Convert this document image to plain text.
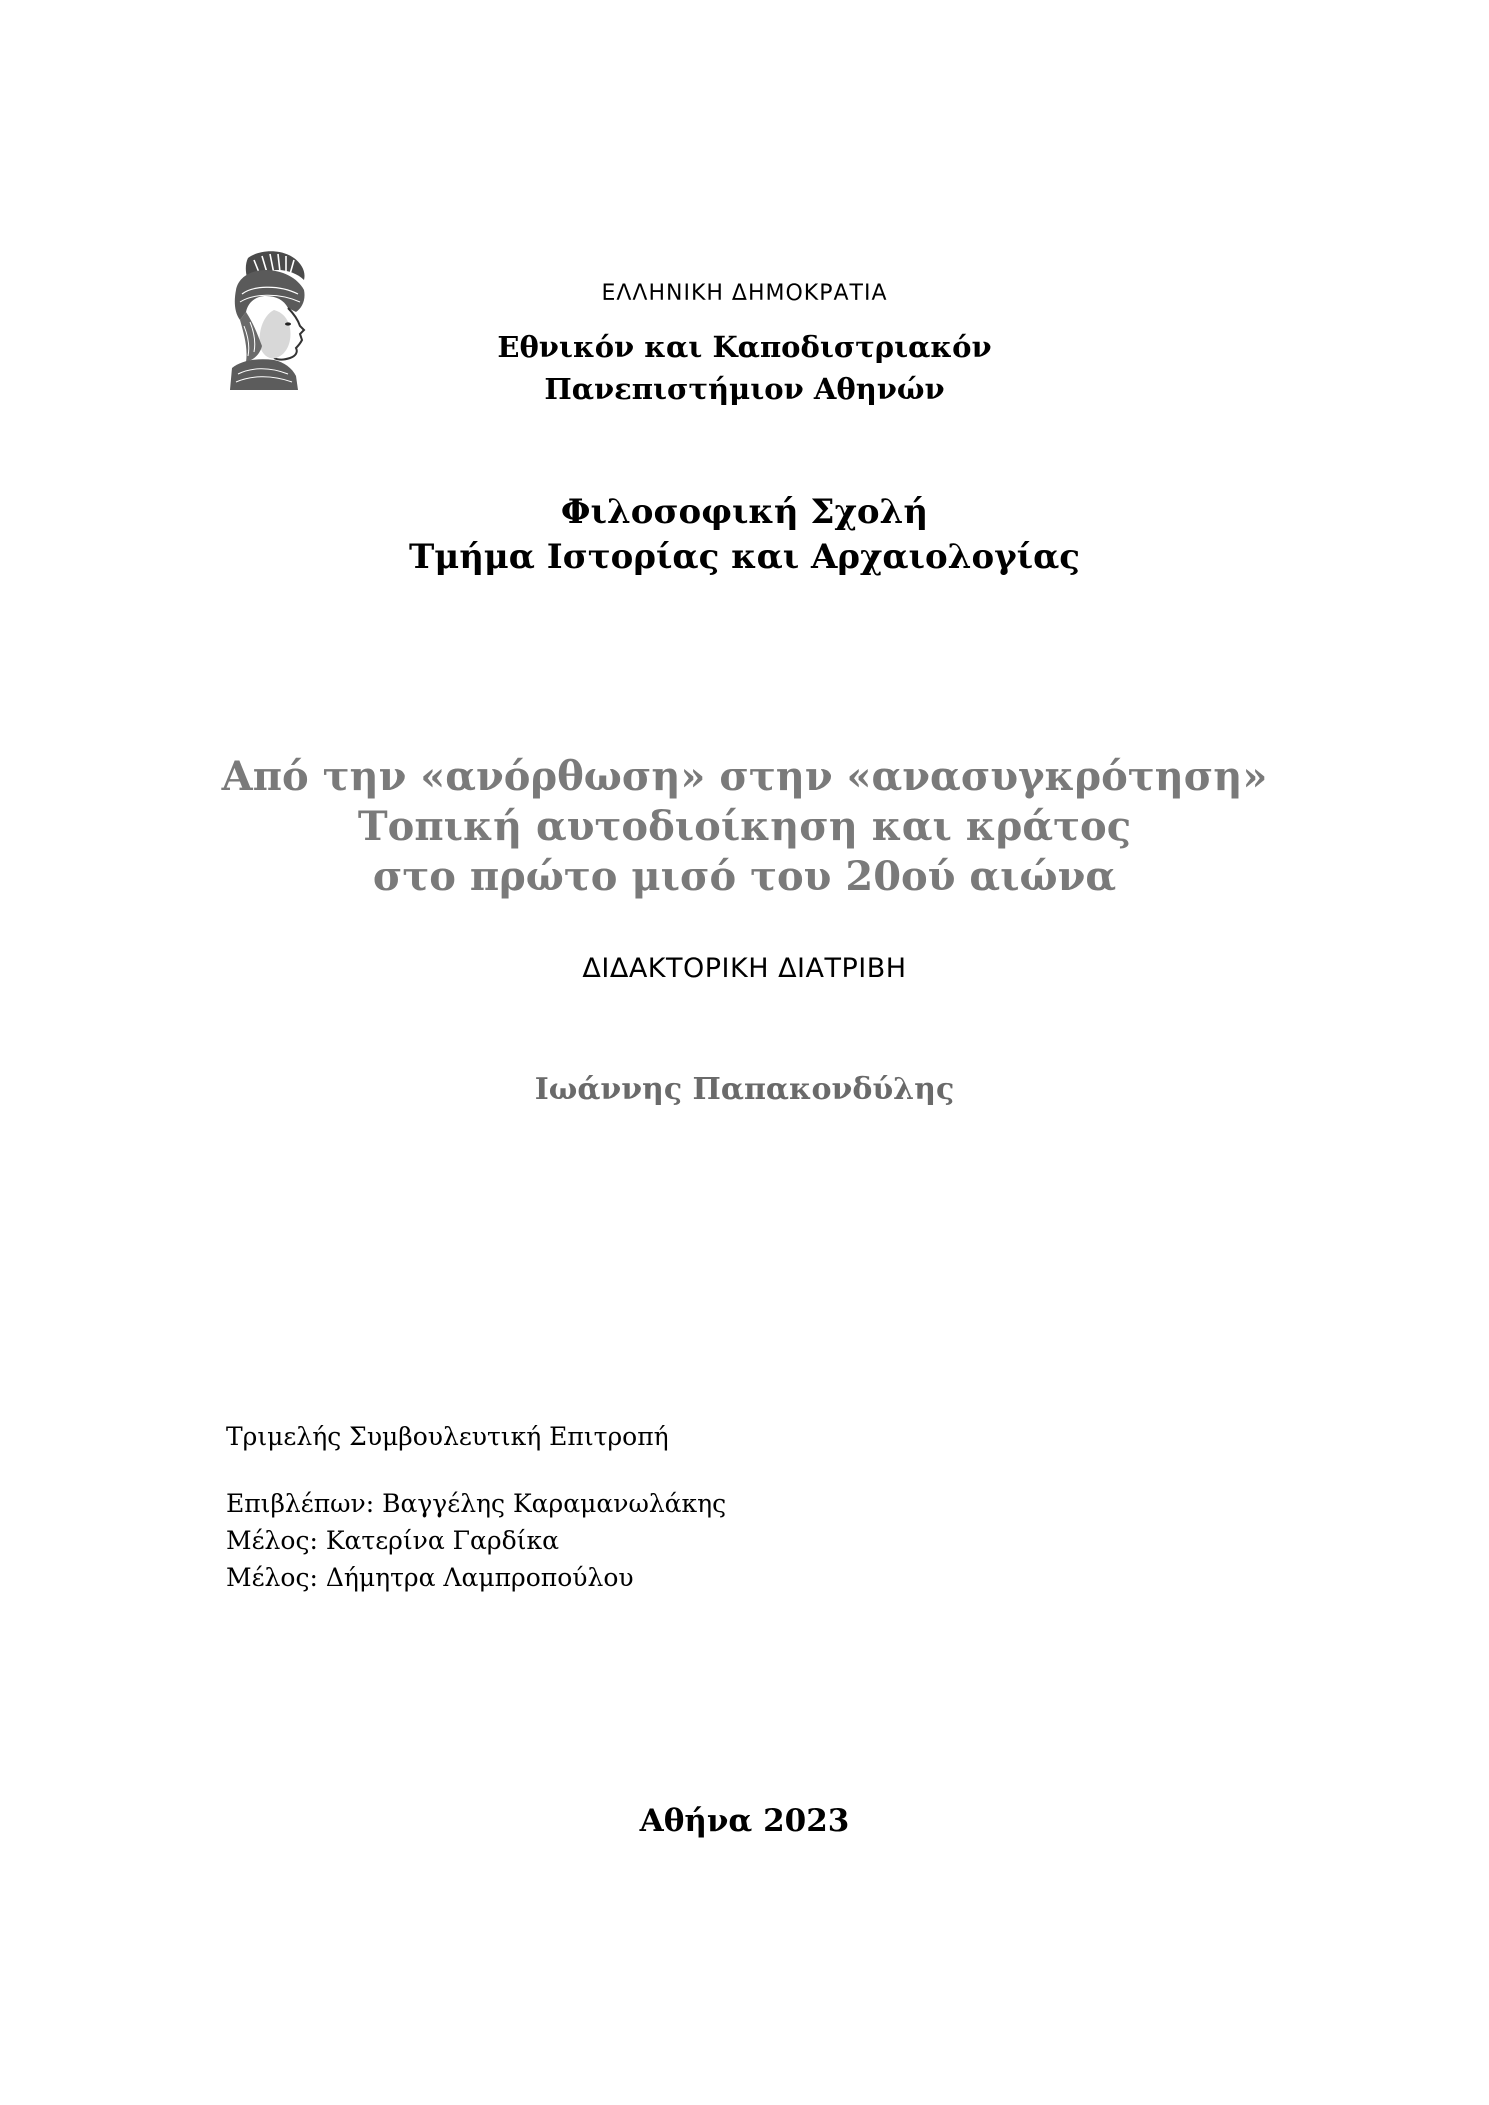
ΕΛΛΗΝΙΚΗ ΔΗΜΟΚΡΑΤΙΑ
Εθνικόν και Καποδιστριακόν
Πανεπιστήμιον Αθηνών
Φιλοσοφική Σχολή
Τμήμα Ιστορίας και Αρχαιολογίας
Από την «ανόρθωση» στην «ανασυγκρότηση»
Τοπική αυτοδιοίκηση και κράτος
στο πρώτο μισό του 20ού αιώνα
ΔΙΔΑΚΤΟΡΙΚΗ ΔΙΑΤΡΙΒΗ
Ιωάννης Παπακονδύλης
Τριμελής Συμβουλευτική Επιτροπή
Επιβλέπων: Βαγγέλης Καραμανωλάκης
Μέλος: Κατερίνα Γαρδίκα
Μέλος: Δήμητρα Λαμπροπούλου
Αθήνα 2023
